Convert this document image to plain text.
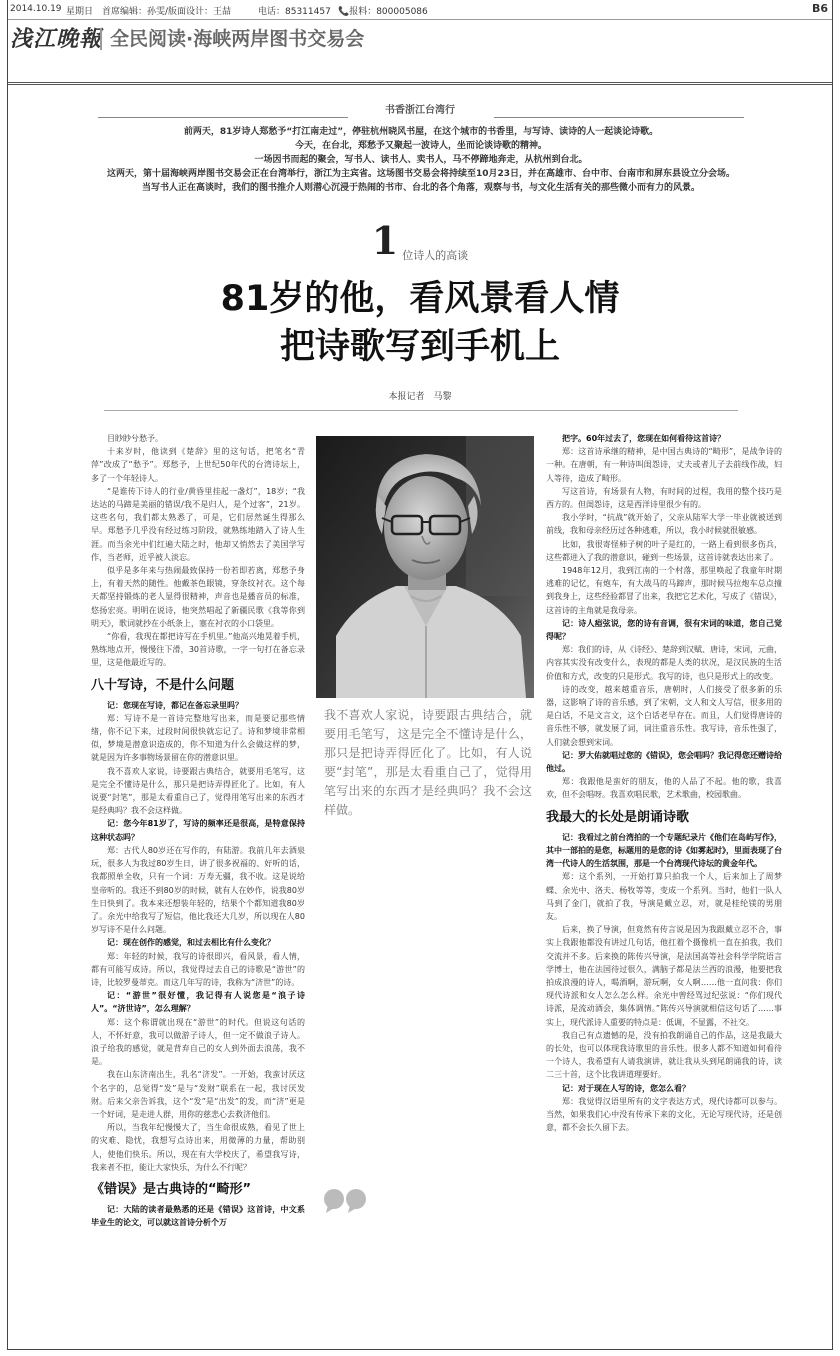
2014.10.19 星期日 首席编辑：孙雯/版面设计：王喆	电话：85311457 📞报料：800005086	B6
浅江晚報 全民阅读·海峡两岸图书交易会
书香浙江台湾行

前两天，81岁诗人郑愁予“打江南走过”，停驻杭州晓风书屋，在这个城市的书香里，与写诗、读诗的人一起谈论诗歌。

今天，在台北，郑愁予又聚起一波诗人，坐而论谈诗歌的精神。

一场因书而起的聚会，写书人、读书人、卖书人，马不停蹄地奔走，从杭州到台北。

这两天，第十届海峡两岸图书交易会正在台湾举行，浙江为主宾省。这场图书交易会将持续至10月23日，并在高雄市、台中市、台南市和屏东县设立分会场。

当写书人正在高谈时，我们的图书推介人则潜心沉浸于热闹的书市、台北的各个角落，观察与书，与文化生活有关的那些微小而有力的风景。

1 位诗人的高谈
81岁的他，看风景看人情
把诗歌写到手机上
本报记者　马黎

目眇眇兮愁予。

十来岁时，他读到《楚辞》里的这句话，把笔名“青萍”改成了“愁予”。郑愁予，上世纪50年代的台湾诗坛上，多了一个年轻诗人。

“是谁传下诗人的行业/黄昏里挂起一盏灯”，18岁；“我达达的马蹄是美丽的错误/我不是归人，是个过客”，21岁。这些名句，我们都太熟悉了，可是，它们居然诞生得那么早。郑愁予几乎没有经过练习阶段，就熟练地踏入了诗人生涯。而当余光中们红遍大陆之时，他却又悄然去了美国学写作，当老师，近乎被人淡忘。

似乎是多年来与热闹最致保持一份若即若离，郑愁予身上，有着天然的随性。他戴茶色眼镜，穿条纹衬衣。这个每天都坚持锻炼的老人显得很精神，声音也是播音员的标准，悠扬宏亮。明明在说诗，他突然唱起了新疆民歌《我等你到明天》，歌词就抄在小纸条上，塞在衬衣的小口袋里。

“你看，我现在都把诗写在手机里。”他高兴地晃着手机，熟练地点开，慢慢往下滑，30首诗歌，一字一句打在备忘录里，这是他最近写的。

八十写诗，不是什么问题

记：您现在写诗，都记在备忘录里吗？

郑：写诗不是一首诗完整地写出来，而是要记那些情绪，你不记下来，过段时间很快就忘记了。诗和梦境非常相似，梦境是潜意识造成的，你不知道为什么会做这样的梦，就是因为许多事物场景留在你的潜意识里。

我不喜欢人家说，诗要跟古典结合，就要用毛笔写，这是完全不懂诗是什么，那只是把诗弄得匠化了。比如，有人说要“封笔”，那是太看重自己了，觉得用笔写出来的东西才是经典吗？我不会这样做。

记：您今年81岁了，写诗的频率还是很高，是特意保持这种状态吗？

郑：古代人80岁还在写作的，有陆游。我前几年去酒泉玩，很多人为我过80岁生日，讲了很多祝福的、好听的话，我都照单全收，只有一个词：万寿无疆，我不收。这是说给皇帝听的。我还不到80岁的时候，就有人在妙作，说我80岁生日快到了。我本来还想装年轻的，结果个个都知道我80岁了。余光中给我写了短信，他比我还大几岁，所以现在人80岁写诗不是什么问题。

记：现在创作的感觉，和过去相比有什么变化？

郑：年轻的时候，我写的诗很即兴，看风景，看人情，都有可能写成诗。所以，我觉得过去自己的诗歌是“游世”的诗，比较罗曼蒂克。而这几年写的诗，我称为“济世”的诗。

记：“游世”很好懂，我记得有人说您是“浪子诗人”。“济世诗”，怎么理解？

郑：这个称谓就出现在“游世”的时代。但说这句话的人，不怀好意，我可以做游子诗人，但一定不做浪子诗人。浪子给我的感觉，就是背弃自己的女人到外面去浪荡，我不是。

我在山东济南出生，乳名“济发”。一开始，我蛮讨厌这个名字的，总觉得“发”是与“发财”联系在一起，我讨厌发财。后来父亲告诉我，这个“发”是“出发”的发，而“济”更是一个好词，是走进人群，用你的慈悲心去救济他们。

所以，当我年纪慢慢大了，当生命很成熟，看见了世上的灾难、隐忧，我想写点诗出来，用微薄的力量，帮助别人，使他们快乐。所以，现在有大学校庆了，希望我写诗，我来者不拒，能让大家快乐，为什么不行呢？

《错误》是古典诗的“畸形”

记：大陆的读者最熟悉的还是《错误》这首诗，中文系毕业生的论文，可以就这首诗分析个万

我不喜欢人家说，诗要跟古典结合，就要用毛笔写，这是完全不懂诗是什么，那只是把诗弄得匠化了。比如，有人说要“封笔”，那是太看重自己了，觉得用笔写出来的东西才是经典吗？我不会这样做。

把字。60年过去了，您现在如何看待这首诗？

郑：这首诗承继的精神，是中国古典诗的“畸形”，是战争诗的一种。在唐朝，有一种诗叫闺怨诗，丈夫或者儿子去前线作战，妇人等待，造成了畸形。

写这首诗，有场景有人物，有时间的过程，我用的整个技巧是西方的。但闺怨诗，这是西洋诗里很少有的。

我小学时，“抗战”就开始了，父亲从陆军大学一毕业就被送到前线，我和母亲经历过各种逃难，所以，我小时候就很敏感。

比如，我很寄怪柿子树的叶子是红的，一路上看到很多伤兵，这些都进入了我的潜意识，碰到一些场景，这首诗就表达出来了。

1948年12月，我到江南的一个村落，那里唤起了我童年时期逃难的记忆，有炮车，有大战马的马蹄声，那时候马拉炮车总点撞到我身上，这些经验都冒了出来，我把它艺术化，写成了《错误》，这首诗的主角就是我母亲。

记：诗人瘂弦说，您的诗有音调，很有宋词的味道，您自己觉得呢？

郑：我们的诗，从《诗经》、楚辞到汉赋、唐诗，宋词，元曲，内容其实没有改变什么，表现的都是人类的状况，是汉民族的生活价值和方式，改变的只是形式。我写的诗，也只是形式上的改变。

诗的改变，越来越重音乐，唐朝时，人们接受了很多新的乐器，这影响了诗的音乐感，到了宋朝，文人和文人写信，很多用的是白话，不是文言文，这个白话老早存在。而且，人们觉得唐诗的音乐性不够，就发展了词，词注重音乐性。我写诗，音乐性强了，人们就会想到宋词。

记：罗大佑就唱过您的《错误》，您会唱吗？我记得您还赠诗给他过。

郑：我跟他是蛮好的朋友，他的人品了不起。他的歌，我喜欢，但不会唱呀。我喜欢唱民歌，艺术歌曲，校园歌曲。

我最大的长处是朗诵诗歌

记：我看过之前台湾拍的一个专题纪录片《他们在岛屿写作》，其中一部拍的是您，标题用的是您的诗《如雾起时》，里面表现了台湾一代诗人的生活氛围，那是一个台湾现代诗坛的黄金年代。

郑：这个系列，一开始打算只拍我一个人，后来加上了周梦蝶、余光中、洛夫、杨牧等等，变成一个系列。当时，他们一队人马到了金门，就拍了我，导演是戴立忍，对，就是桂纶镁的男朋友。

后来，换了导演，但竟然有传言说是因为我跟戴立忍不合，事实上我跟他都没有讲过几句话，他扛着个摄像机一直在拍我，我们交流并不多。后来换的陈传兴导演，是法国高等社会科学学院语言学博士，他在法国待过很久，满脑子都是法兰西的浪漫，他要把我拍成浪漫的诗人，喝酒啊，游玩啊，女人啊……他一直问我：你们现代诗派和女人怎么怎么样。余光中曾经骂过纪弦说：“你们现代诗派，是流动酒会，集体调情。”陈传兴导演就相信这句话了……事实上，现代派诗人重要的特点是：低调，不显露，不社交。

我自己有点遗憾的是，没有拍我朗诵自己的作品，这是我最大的长处，也可以体现我诗歌里的音乐性。很多人都不知道如何看待一个诗人，我希望有人请我演讲，就让我从头到尾朗诵我的诗，读二三十首，这个比我讲道理要好。

记：对于现在人写的诗，您怎么看？

郑：我觉得汉语里所有的文字表达方式，现代诗都可以参与。当然，如果我们心中没有传承下来的文化，无论写现代诗，还是创意，都不会长久留下去。
